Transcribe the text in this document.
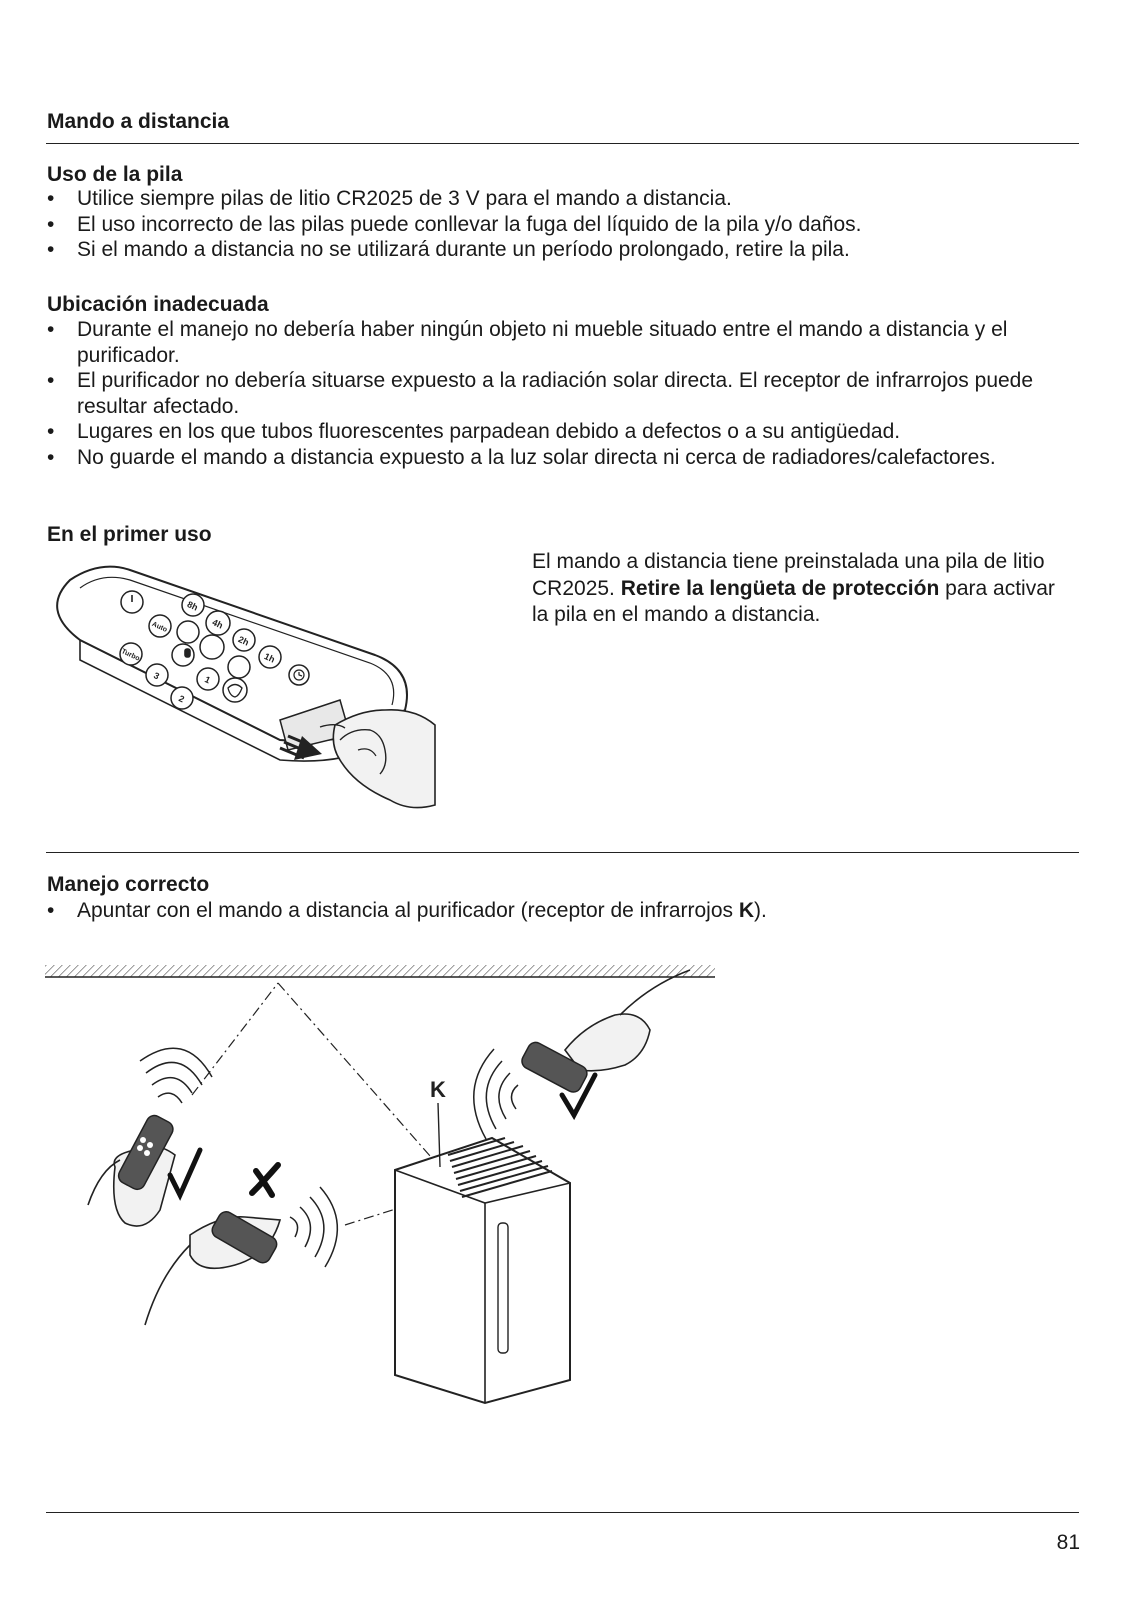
Mando a distancia
Uso de la pila
• Utilice siempre pilas de litio CR2025 de 3 V para el mando a distancia.
• El uso incorrecto de las pilas puede conllevar la fuga del líquido de la pila y/o daños.
• Si el mando a distancia no se utilizará durante un período prolongado, retire la pila.
Ubicación inadecuada
• Durante el manejo no debería haber ningún objeto ni mueble situado entre el mando a distancia y el purificador.
• El purificador no debería situarse expuesto a la radiación solar directa. El receptor de infrarrojos puede resultar afectado.
• Lugares en los que tubos fluorescentes parpadean debido a defectos o a su antigüedad.
• No guarde el mando a distancia expuesto a la luz solar directa ni cerca de radiadores/calefactores.
En el primer uso

El mando a distancia tiene preinstalada una pila de litio CR2025. Retire la lengüeta de protección para activar la pila en el mando a distancia.

8h
4h
2h
1h
Auto
Turbo
3
2
1
Manejo correcto
• Apuntar con el mando a distancia al purificador (receptor de infrarrojos K).
K
81
